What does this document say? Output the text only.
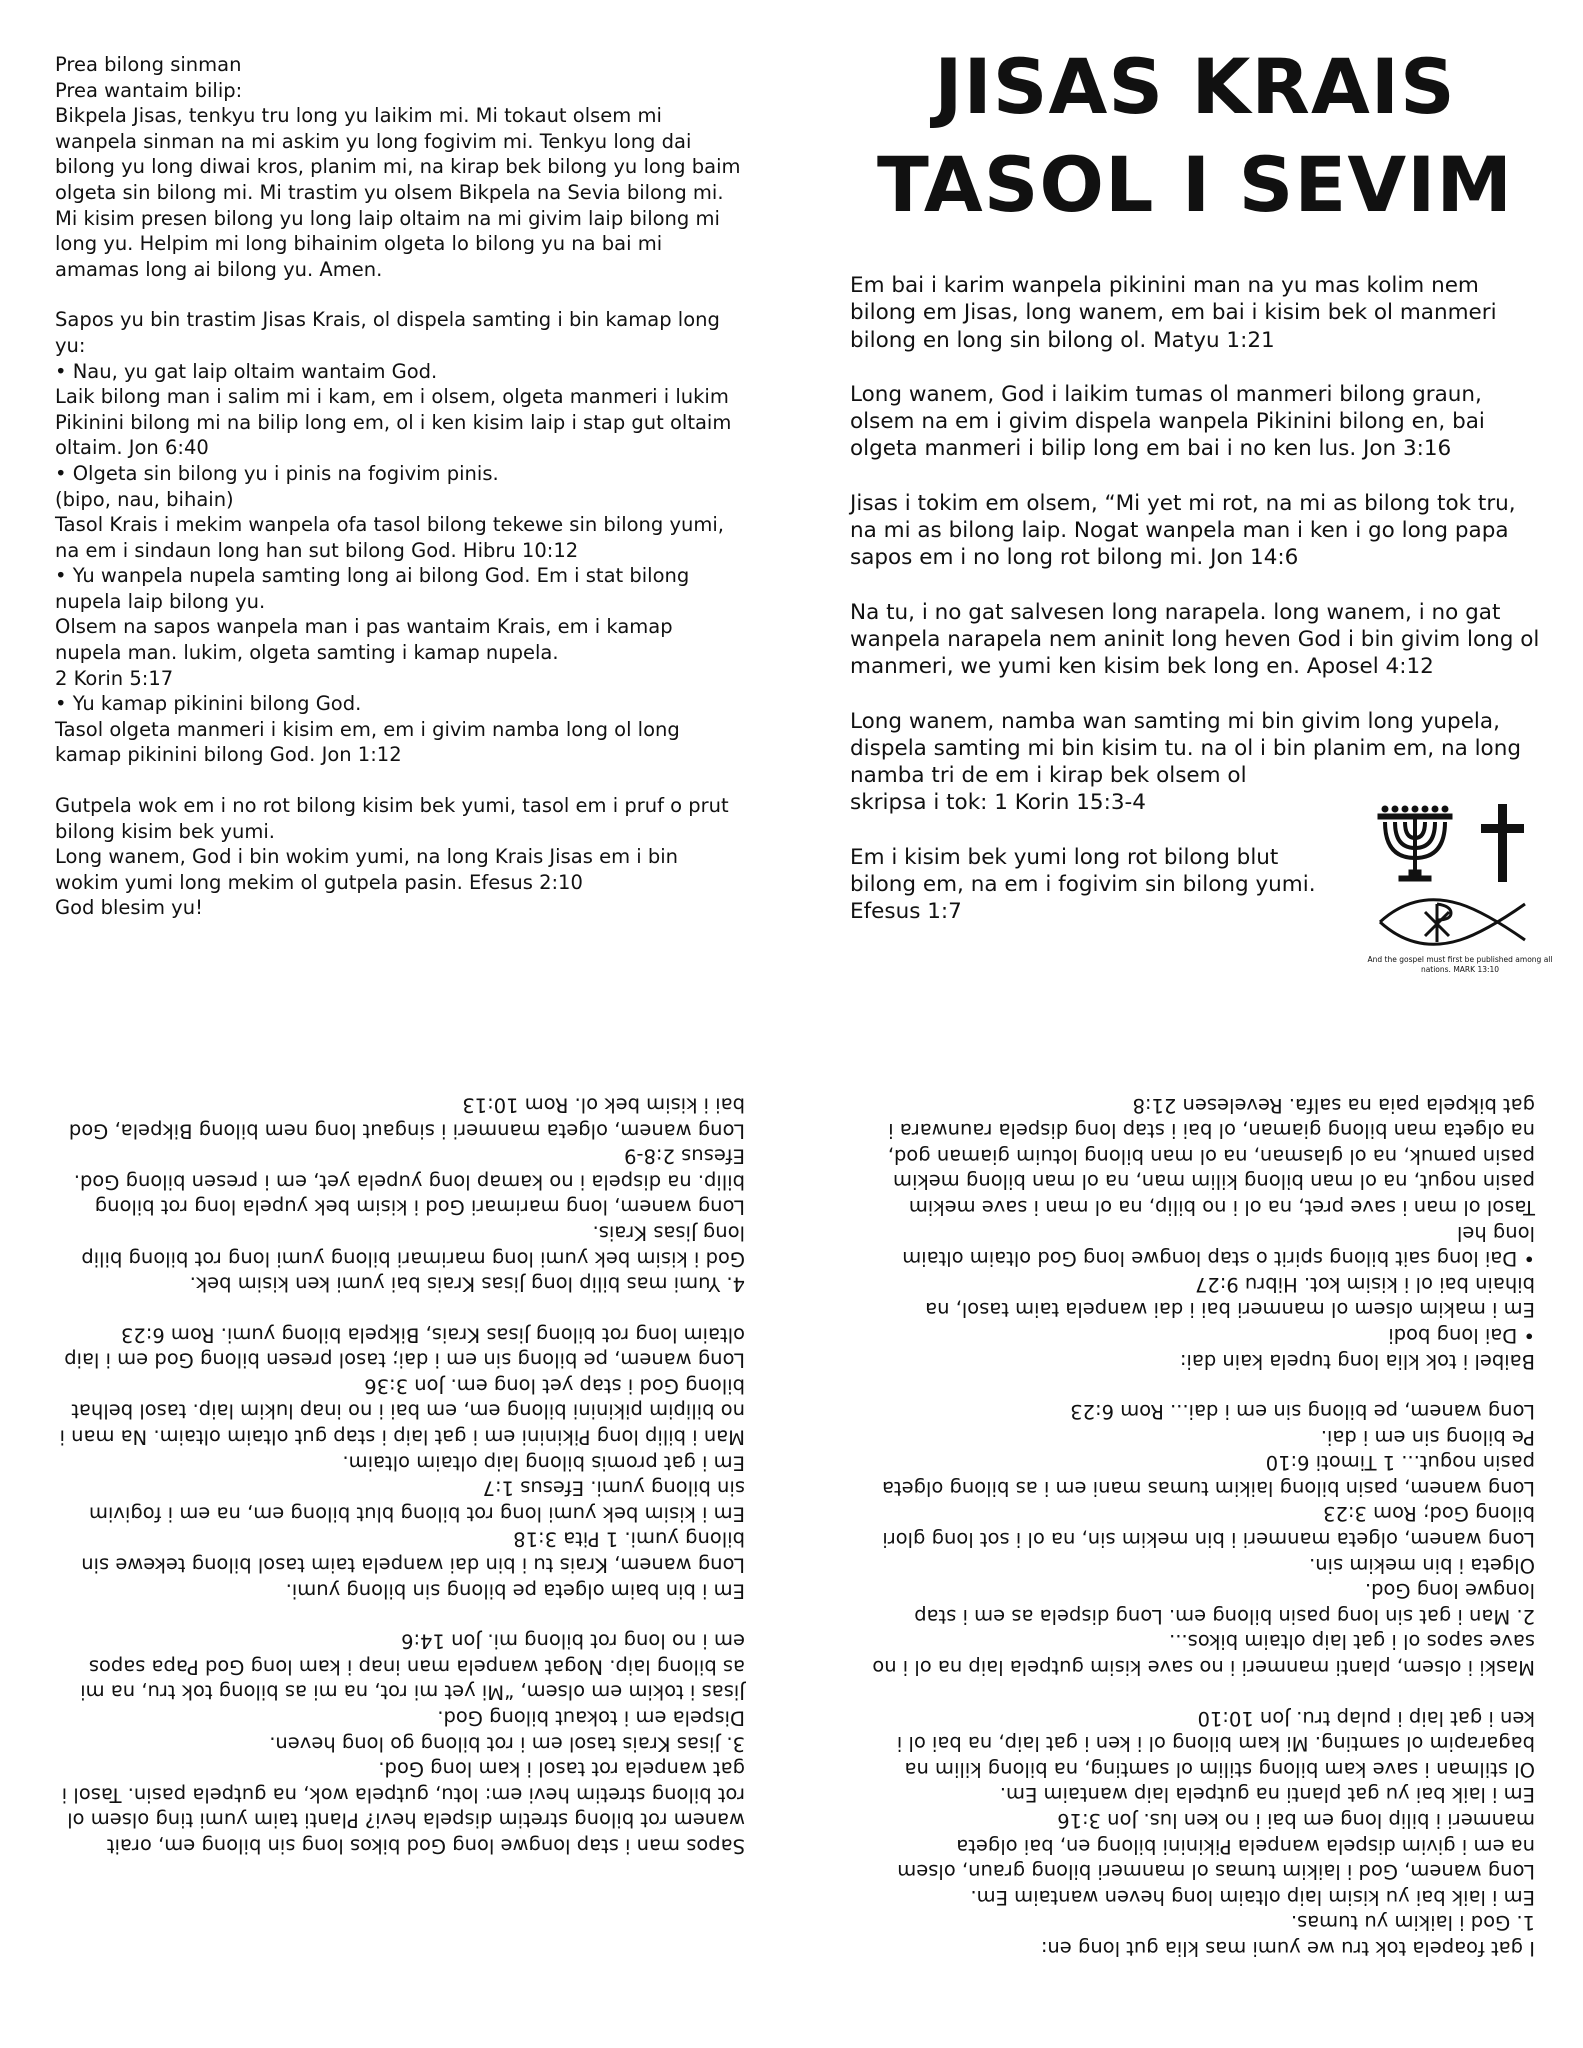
Prea bilong sinman
Prea wantaim bilip:
Bikpela Jisas, tenkyu tru long yu laikim mi. Mi tokaut olsem mi wanpela sinman na mi askim yu long fogivim mi. Tenkyu long dai bilong yu long diwai kros, planim mi, na kirap bek bilong yu long baim olgeta sin bilong mi. Mi trastim yu olsem Bikpela na Sevia bilong mi. Mi kisim presen bilong yu long laip oltaim na mi givim laip bilong mi long yu. Helpim mi long bihainim olgeta lo bilong yu na bai mi amamas long ai bilong yu. Amen.

Sapos yu bin trastim Jisas Krais, ol dispela samting i bin kamap long yu:
• Nau, yu gat laip oltaim wantaim God.
Laik bilong man i salim mi i kam, em i olsem, olgeta manmeri i lukim Pikinini bilong mi na bilip long em, ol i ken kisim laip i stap gut oltaim oltaim. Jon 6:40
• Olgeta sin bilong yu i pinis na fogivim pinis.
(bipo, nau, bihain)
Tasol Krais i mekim wanpela ofa tasol bilong tekewe sin bilong yumi, na em i sindaun long han sut bilong God. Hibru 10:12
• Yu wanpela nupela samting long ai bilong God. Em i stat bilong nupela laip bilong yu.
Olsem na sapos wanpela man i pas wantaim Krais, em i kamap nupela man. lukim, olgeta samting i kamap nupela.
2 Korin 5:17
• Yu kamap pikinini bilong God.
Tasol olgeta manmeri i kisim em, em i givim namba long ol long kamap pikinini bilong God. Jon 1:12

Gutpela wok em i no rot bilong kisim bek yumi, tasol em i pruf o prut bilong kisim bek yumi.
Long wanem, God i bin wokim yumi, na long Krais Jisas em i bin wokim yumi long mekim ol gutpela pasin. Efesus 2:10
God blesim yu!

JISAS KRAIS
TASOL I SEVIM

Em bai i karim wanpela pikinini man na yu mas kolim nem bilong em Jisas, long wanem, em bai i kisim bek ol manmeri bilong en long sin bilong ol. Matyu 1:21

Long wanem, God i laikim tumas ol manmeri bilong graun, olsem na em i givim dispela wanpela Pikinini bilong en, bai olgeta manmeri i bilip long em bai i no ken lus. Jon 3:16

Jisas i tokim em olsem, “Mi yet mi rot, na mi as bilong tok tru, na mi as bilong laip. Nogat wanpela man i ken i go long papa sapos em i no long rot bilong mi. Jon 14:6

Na tu, i no gat salvesen long narapela. long wanem, i no gat wanpela narapela nem aninit long heven God i bin givim long ol manmeri, we yumi ken kisim bek long en. Aposel 4:12

Long wanem, namba wan samting mi bin givim long yupela, dispela samting mi bin kisim tu. na ol i bin planim em, na long namba tri de em i kirap bek olsem ol
skripsa i tok: 1 Korin 15:3-4

Em i kisim bek yumi long rot bilong blut
bilong em, na em i fogivim sin bilong yumi.
Efesus 1:7

And the gospel must first be published among all nations. MARK 13:10

Sapos man i stap longwe long God bikos long sin bilong em, orait wanem rot bilong stretim dispela hevi? Planti taim yumi ting olsem ol rot bilong stretim hevi em: lotu, gutpela wok, na gutpela pasin. Tasol i gat wanpela rot tasol i kam long God.
3. Jisas Krais tasol em i rot bilong go long heven.
Dispela em i tokaut bilong God.
Jisas i tokim em olsem, “Mi yet mi rot, na mi as bilong tok tru, na mi as bilong laip. Nogat wanpela man inap i kam long God Papa sapos em i no long rot bilong mi. Jon 14:6

Em i bin baim olgeta pe bilong sin bilong yumi.
Long wanem, Krais tu i bin dai wanpela taim tasol bilong tekewe sin bilong yumi. 1 Pita 3:18
Em i kisim bek yumi long rot bilong blut bilong em, na em i fogivim sin bilong yumi. Efesus 1:7
Em i gat promis bilong laip oltaim oltaim.
Man i bilip long Pikinini em i gat laip i stap gut oltaim oltaim. Na man i no bilipim pikinini bilong em, em bai i no inap lukim laip. tasol belhat bilong God i stap yet long em. Jon 3:36
Long wanem, pe bilong sin em i dai; tasol presen bilong God em i laip oltaim long rot bilong Jisas Krais, Bikpela bilong yumi. Rom 6:23

4. Yumi mas bilip long Jisas Krais bai yumi ken kisim bek.
God i kisim bek yumi long marimari bilong yumi long rot bilong bilip long Jisas Krais.
Long wanem, long marimari God i kisim bek yupela long rot bilong bilip. na dispela i no kamap long yupela yet, em i presen bilong God. Efesus 2:8-9
Long wanem, olgeta manmeri i singaut long nem bilong Bikpela, God bai i kisim bek ol. Rom 10:13

I gat foapela tok tru we yumi mas klia gut long en:
1. God i laikim yu tumas.
Em i laik bai yu kisim laip oltaim long heven wantaim Em.
Long wanem, God i laikim tumas ol manmeri bilong graun, olsem na em i givim dispela wanpela Pikinini bilong en, bai olgeta manmeri i bilip long em bai i no ken lus. Jon 3:16
Em i laik bai yu gat planti na gutpela laip wantaim Em.
Ol stilman i save kam bilong stilim ol samting, na bilong kilim na bagarapim ol samting. Mi kam bilong ol i ken i gat laip, na bai ol i ken i gat laip i pulap tru. Jon 10:10

Maski i olsem, planti manmeri i no save kisim gutpela laip na ol i no save sapos ol i gat laip oltaim bikos...
2. Man i gat sin long pasin bilong em. Long dispela as em i stap longwe long God.
Olgeta i bin mekim sin.
Long wanem, olgeta manmeri i bin mekim sin, na ol i sot long glori bilong God; Rom 3:23
Long wanem, pasin bilong laikim tumas mani em i as bilong olgeta pasin nogut... 1 Timoti 6:10
Pe bilong sin em i dai.
Long wanem, pe bilong sin em i dai... Rom 6:23

Baibel i tok klia long tupela kain dai:
• Dai long bodi
Em i makim olsem ol manmeri bai i dai wanpela taim tasol, na bihain bai ol i kisim kot. Hibru 9:27
• Dai long sait bilong spirit o stap longwe long God oltaim oltaim long hel
Tasol ol man i save pret, na ol i no bilip, na ol man i save mekim pasin nogut, na ol man bilong kilim man, na ol man bilong mekim pasin pamuk, na ol glasman, na ol man bilong lotuim giaman god, na olgeta man bilong giaman, ol bai i stap long dispela raunwara i gat bikpela paia na salfa. Revelesen 21:8
